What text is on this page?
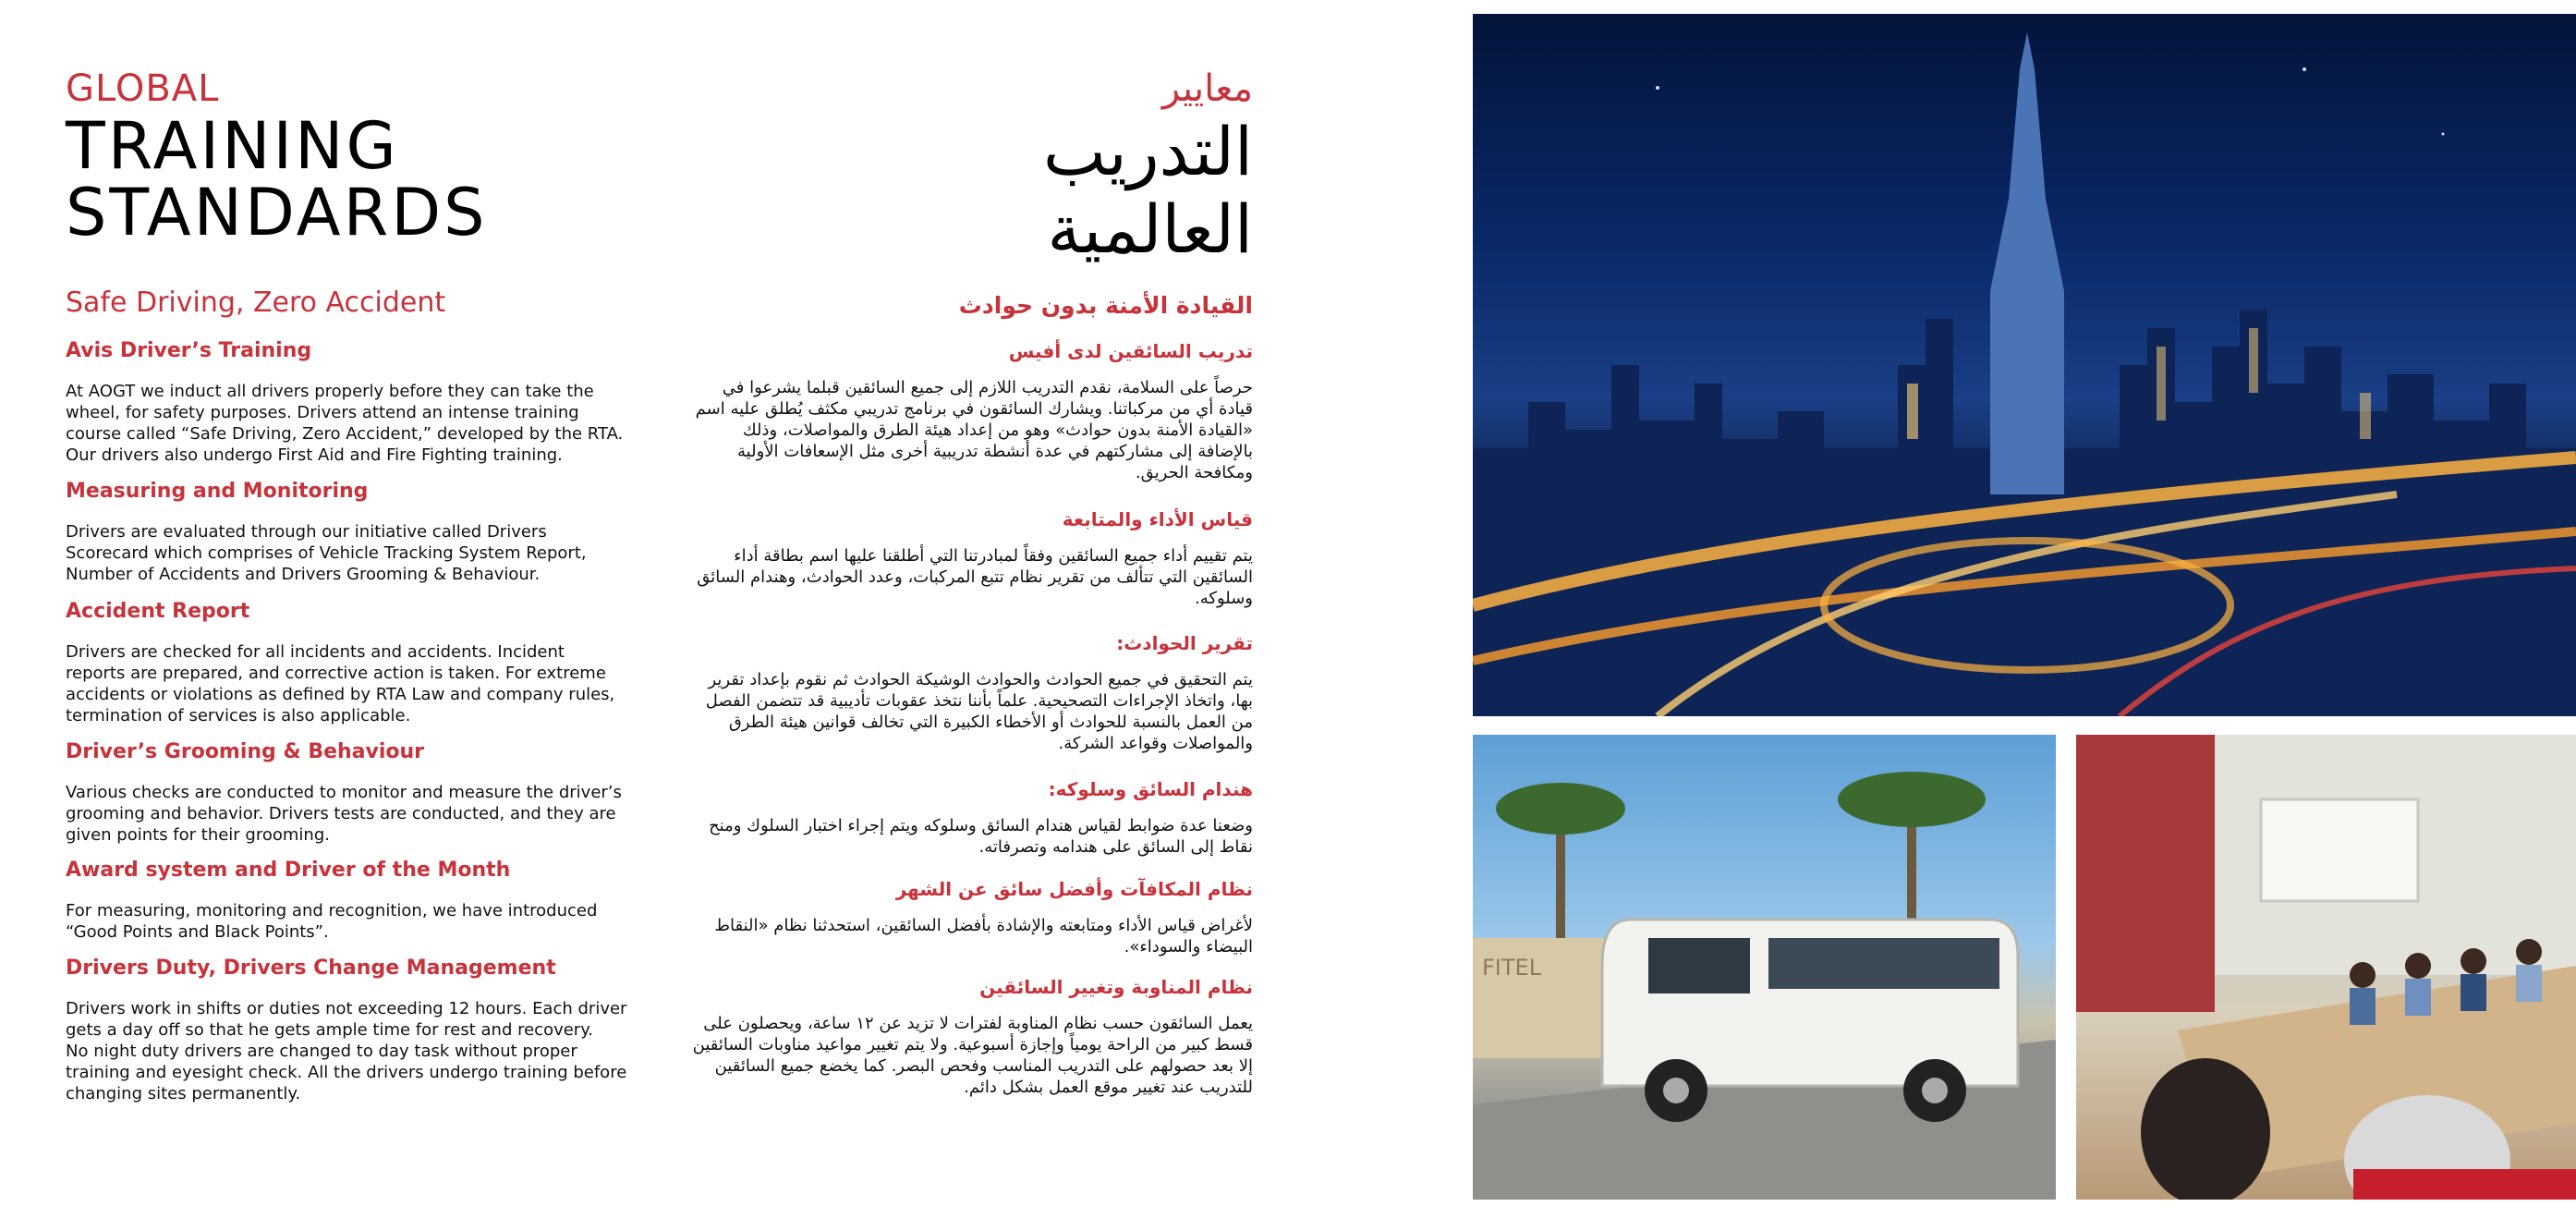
GLOBAL
TRAINING
STANDARDS
Safe Driving, Zero Accident
Avis Driver’s Training

At AOGT we induct all drivers properly before they can take the
wheel, for safety purposes. Drivers attend an intense training
course called “Safe Driving, Zero Accident,” developed by the RTA.
Our drivers also undergo First Aid and Fire Fighting training.

Measuring and Monitoring

Drivers are evaluated through our initiative called Drivers
Scorecard which comprises of Vehicle Tracking System Report,
Number of Accidents and Drivers Grooming & Behaviour.

Accident Report

Drivers are checked for all incidents and accidents. Incident
reports are prepared, and corrective action is taken. For extreme
accidents or violations as defined by RTA Law and company rules,
termination of services is also applicable.

Driver’s Grooming & Behaviour

Various checks are conducted to monitor and measure the driver’s
grooming and behavior. Drivers tests are conducted, and they are
given points for their grooming.

Award system and Driver of the Month

For measuring, monitoring and recognition, we have introduced
“Good Points and Black Points”.

Drivers Duty, Drivers Change Management

Drivers work in shifts or duties not exceeding 12 hours. Each driver
gets a day off so that he gets ample time for rest and recovery.
No night duty drivers are changed to day task without proper
training and eyesight check. All the drivers undergo training before
changing sites permanently.

معايير
التدريب
العالمية
القيادة الأمنة بدون حوادث
تدريب السائقين لدى أفيس

حرصاً على السلامة، نقدم التدريب اللازم إلى جميع السائقين قبلما يشرعوا في قيادة أي من مركباتنا. ويشارك السائقون في برنامج تدريبي مكثف يُطلق عليه اسم «القيادة الأمنة بدون حوادث» وهو من إعداد هيئة الطرق والمواصلات، وذلك بالإضافة إلى مشاركتهم في عدة أنشطة تدريبية أخرى مثل الإسعافات الأولية ومكافحة الحريق.

قياس الأداء والمتابعة

يتم تقييم أداء جميع السائقين وفقاً لمبادرتنا التي أطلقنا عليها اسم بطاقة أداء السائقين التي تتألف من تقرير نظام تتبع المركبات، وعدد الحوادث، وهندام السائق وسلوكه.

تقرير الحوادث:

يتم التحقيق في جميع الحوادث والحوادث الوشيكة الحوادث ثم نقوم بإعداد تقرير بها، واتخاذ الإجراءات التصحيحية. علماً بأننا نتخذ عقوبات تأديبية قد تتضمن الفصل من العمل بالنسبة للحوادث أو الأخطاء الكبيرة التي تخالف قوانين هيئة الطرق والمواصلات وقواعد الشركة.

هندام السائق وسلوكه:

وضعنا عدة ضوابط لقياس هندام السائق وسلوكه ويتم إجراء اختبار السلوك ومنح نقاط إلى السائق على هندامه وتصرفاته.

نظام المكافآت وأفضل سائق عن الشهر

لأغراض قياس الأداء ومتابعته والإشادة بأفضل السائقين، استحدثنا نظام «النقاط البيضاء والسوداء».

نظام المناوبة وتغيير السائقين

يعمل السائقون حسب نظام المناوبة لفترات لا تزيد عن ١٢ ساعة، ويحصلون على قسط كبير من الراحة يومياً وإجازة أسبوعية. ولا يتم تغيير مواعيد مناوبات السائقين إلا بعد حصولهم على التدريب المناسب وفحص البصر. كما يخضع جميع السائقين للتدريب عند تغيير موقع العمل بشكل دائم.

FITEL
